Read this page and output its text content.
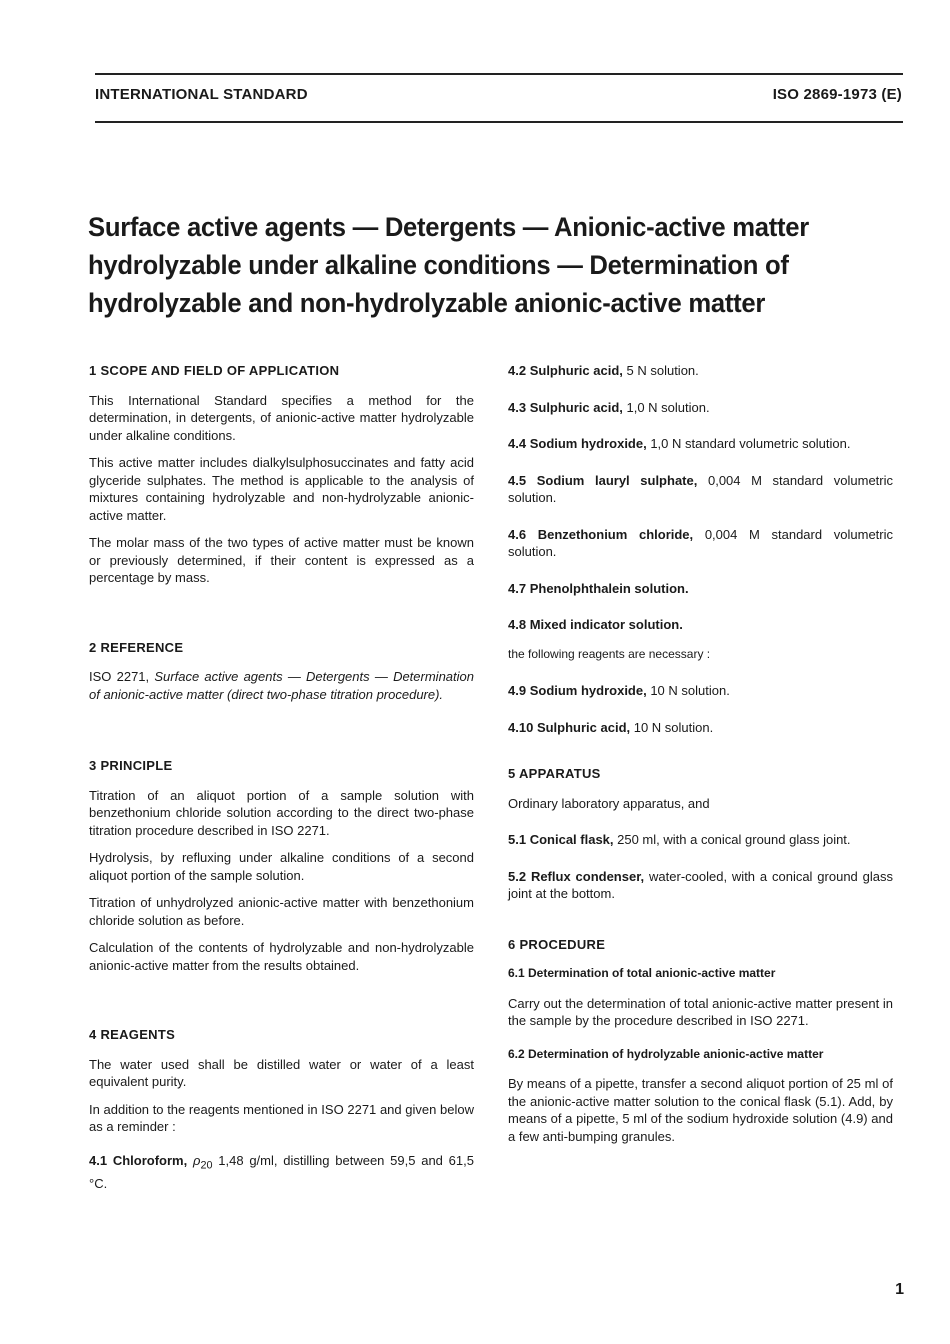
INTERNATIONAL STANDARD	ISO 2869-1973 (E)
Surface active agents — Detergents — Anionic-active matter
hydrolyzable under alkaline conditions — Determination of
hydrolyzable and non-hydrolyzable anionic-active matter
1 SCOPE AND FIELD OF APPLICATION

This International Standard specifies a method for the determination, in detergents, of anionic-active matter hydrolyzable under alkaline conditions.

This active matter includes dialkylsulphosuccinates and fatty acid glyceride sulphates. The method is applicable to the analysis of mixtures containing hydrolyzable and non-hydrolyzable anionic-active matter.

The molar mass of the two types of active matter must be known or previously determined, if their content is expressed as a percentage by mass.

2 REFERENCE

ISO 2271, Surface active agents — Detergents — Determination of anionic-active matter (direct two-phase titration procedure).

3 PRINCIPLE

Titration of an aliquot portion of a sample solution with benzethonium chloride solution according to the direct two-phase titration procedure described in ISO 2271.

Hydrolysis, by refluxing under alkaline conditions of a second aliquot portion of the sample solution.

Titration of unhydrolyzed anionic-active matter with benzethonium chloride solution as before.

Calculation of the contents of hydrolyzable and non-hydrolyzable anionic-active matter from the results obtained.

4 REAGENTS

The water used shall be distilled water or water of a least equivalent purity.

In addition to the reagents mentioned in ISO 2271 and given below as a reminder :

4.1 Chloroform, $\rho_{20}$ 1,48 g/ml, distilling between 59,5 and 61,5 °C.

4.2 Sulphuric acid, 5 N solution.
4.3 Sulphuric acid, 1,0 N solution.
4.4 Sodium hydroxide, 1,0 N standard volumetric solution.
4.5 Sodium lauryl sulphate, 0,004 M standard volumetric solution.
4.6 Benzethonium chloride, 0,004 M standard volumetric solution.
4.7 Phenolphthalein solution.
4.8 Mixed indicator solution.
the following reagents are necessary :
4.9 Sodium hydroxide, 10 N solution.
4.10 Sulphuric acid, 10 N solution.
5 APPARATUS
Ordinary laboratory apparatus, and
5.1 Conical flask, 250 ml, with a conical ground glass joint.
5.2 Reflux condenser, water-cooled, with a conical ground glass joint at the bottom.
6 PROCEDURE
6.1 Determination of total anionic-active matter

Carry out the determination of total anionic-active matter present in the sample by the procedure described in ISO 2271.

6.2 Determination of hydrolyzable anionic-active matter

By means of a pipette, transfer a second aliquot portion of 25 ml of the anionic-active matter solution to the conical flask (5.1). Add, by means of a pipette, 5 ml of the sodium hydroxide solution (4.9) and a few anti-bumping granules.

1
